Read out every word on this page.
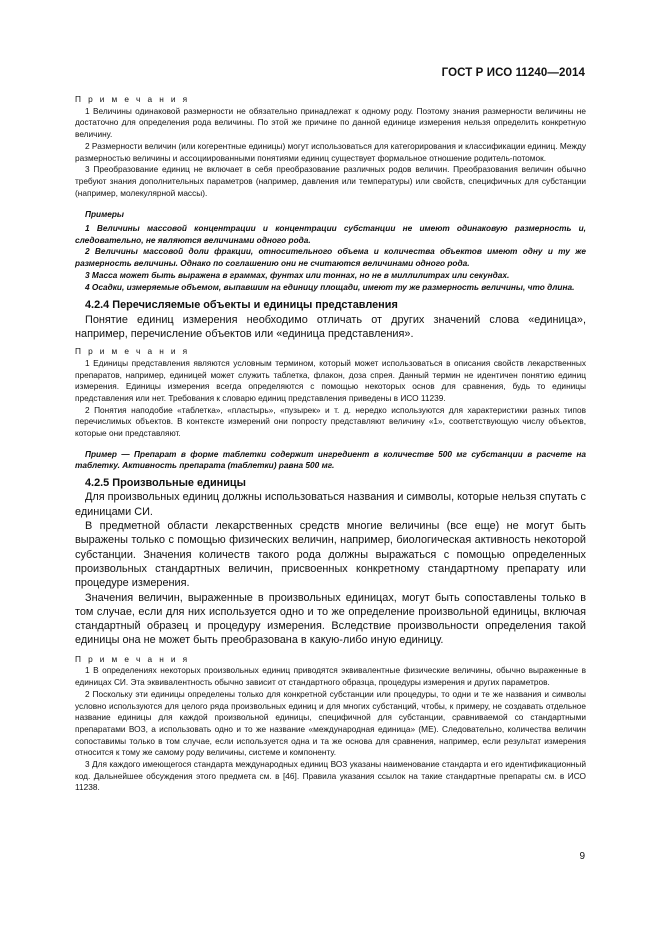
ГОСТ Р ИСО 11240—2014

П р и м е ч а н и я

1 Величины одинаковой размерности не обязательно принадлежат к одному роду. Поэтому знания размерности величины не достаточно для определения рода величины. По этой же причине по данной единице измерения нельзя определить конкретную величину.

2 Размерности величин (или когерентные единицы) могут использоваться для категорирования и классификации единиц. Между размерностью величины и ассоциированными понятиями единиц существует формальное отношение родитель-потомок.

3 Преобразование единиц не включает в себя преобразование различных родов величин. Преобразования величин обычно требуют знания дополнительных параметров (например, давления или температуры) или свойств, специфичных для субстанции (например, молекулярной массы).

Примеры

1 Величины массовой концентрации и концентрации субстанции не имеют одинаковую размерность и, следовательно, не являются величинами одного рода.

2 Величины массовой доли фракции, относительного объема и количества объектов имеют одну и ту же размерность величины. Однако по соглашению они не считаются величинами одного рода.

3 Масса может быть выражена в граммах, фунтах или тоннах, но не в миллилитрах или секундах.

4 Осадки, измеряемые объемом, выпавшим на единицу площади, имеют ту же размерность величины, что длина.

4.2.4 Перечисляемые объекты и единицы представления

Понятие единиц измерения необходимо отличать от других значений слова «единица», например, перечисление объектов или «единица представления».

П р и м е ч а н и я

1 Единицы представления являются условным термином, который может использоваться в описания свойств лекарственных препаратов, например, единицей может служить таблетка, флакон, доза спрея. Данный термин не идентичен понятию единиц измерения. Единицы измерения всегда определяются с помощью некоторых основ для сравнения, будь то единицы представления или нет. Требования к словарю единиц представления приведены в ИСО 11239.

2 Понятия наподобие «таблетка», «пластырь», «пузырек» и т. д. нередко используются для характеристики разных типов перечислимых объектов. В контексте измерений они попросту представляют величину «1», соответствующую числу объектов, которые они представляют.

Пример — Препарат в форме таблетки содержит ингредиент в количестве 500 мг субстанции в расчете на таблетку. Активность препарата (таблетки) равна 500 мг.

4.2.5 Произвольные единицы

Для произвольных единиц должны использоваться названия и символы, которые нельзя спутать с единицами СИ.

В предметной области лекарственных средств многие величины (все еще) не могут быть выражены только с помощью физических величин, например, биологическая активность некоторой субстанции. Значения количеств такого рода должны выражаться с помощью определенных произвольных стандартных величин, присвоенных конкретному стандартному препарату или процедуре измерения.

Значения величин, выраженные в произвольных единицах, могут быть сопоставлены только в том случае, если для них используется одно и то же определение произвольной единицы, включая стандартный образец и процедуру измерения. Вследствие произвольности определения такой единицы она не может быть преобразована в какую-либо иную единицу.

П р и м е ч а н и я

1 В определениях некоторых произвольных единиц приводятся эквивалентные физические величины, обычно выраженные в единицах СИ. Эта эквивалентность обычно зависит от стандартного образца, процедуры измерения и других параметров.

2 Поскольку эти единицы определены только для конкретной субстанции или процедуры, то одни и те же названия и символы условно используются для целого ряда произвольных единиц и для многих субстанций, чтобы, к примеру, не создавать отдельное название единицы для каждой произвольной единицы, специфичной для субстанции, сравниваемой со стандартными препаратами ВОЗ, а использовать одно и то же название «международная единица» (МЕ). Следовательно, количества величин сопоставимы только в том случае, если используется одна и та же основа для сравнения, например, если результат измерения относится к тому же самому роду величины, системе и компоненту.

3 Для каждого имеющегося стандарта международных единиц ВОЗ указаны наименование стандарта и его идентификационный код. Дальнейшее обсуждения этого предмета см. в [46]. Правила указания ссылок на такие стандартные препараты см. в ИСО 11238.

9
